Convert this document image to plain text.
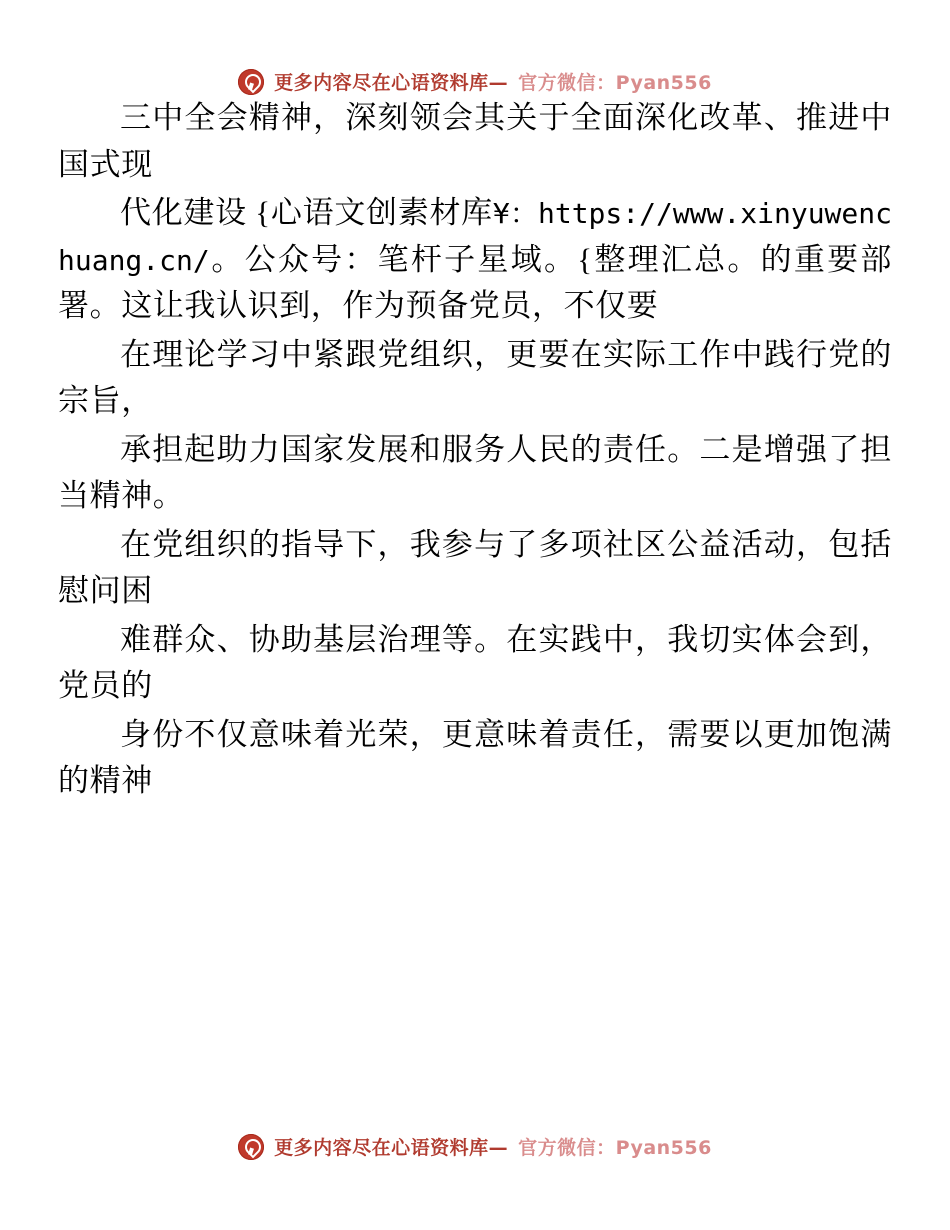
更多内容尽在心语资料库— 官方微信：Pyan556

三中全会精神，深刻领会其关于全面深化改革、推进中国式现

代化建设 {心语文创素材库¥：https://www.xinyuwenchuang.cn/。公众号：笔杆子星域。{整理汇总。的重要部署。这让我认识到，作为预备党员，不仅要

在理论学习中紧跟党组织，更要在实际工作中践行党的宗旨，

承担起助力国家发展和服务人民的责任。二是增强了担当精神。

在党组织的指导下，我参与了多项社区公益活动，包括慰问困

难群众、协助基层治理等。在实践中，我切实体会到，党员的

身份不仅意味着光荣，更意味着责任，需要以更加饱满的精神

更多内容尽在心语资料库— 官方微信：Pyan556
